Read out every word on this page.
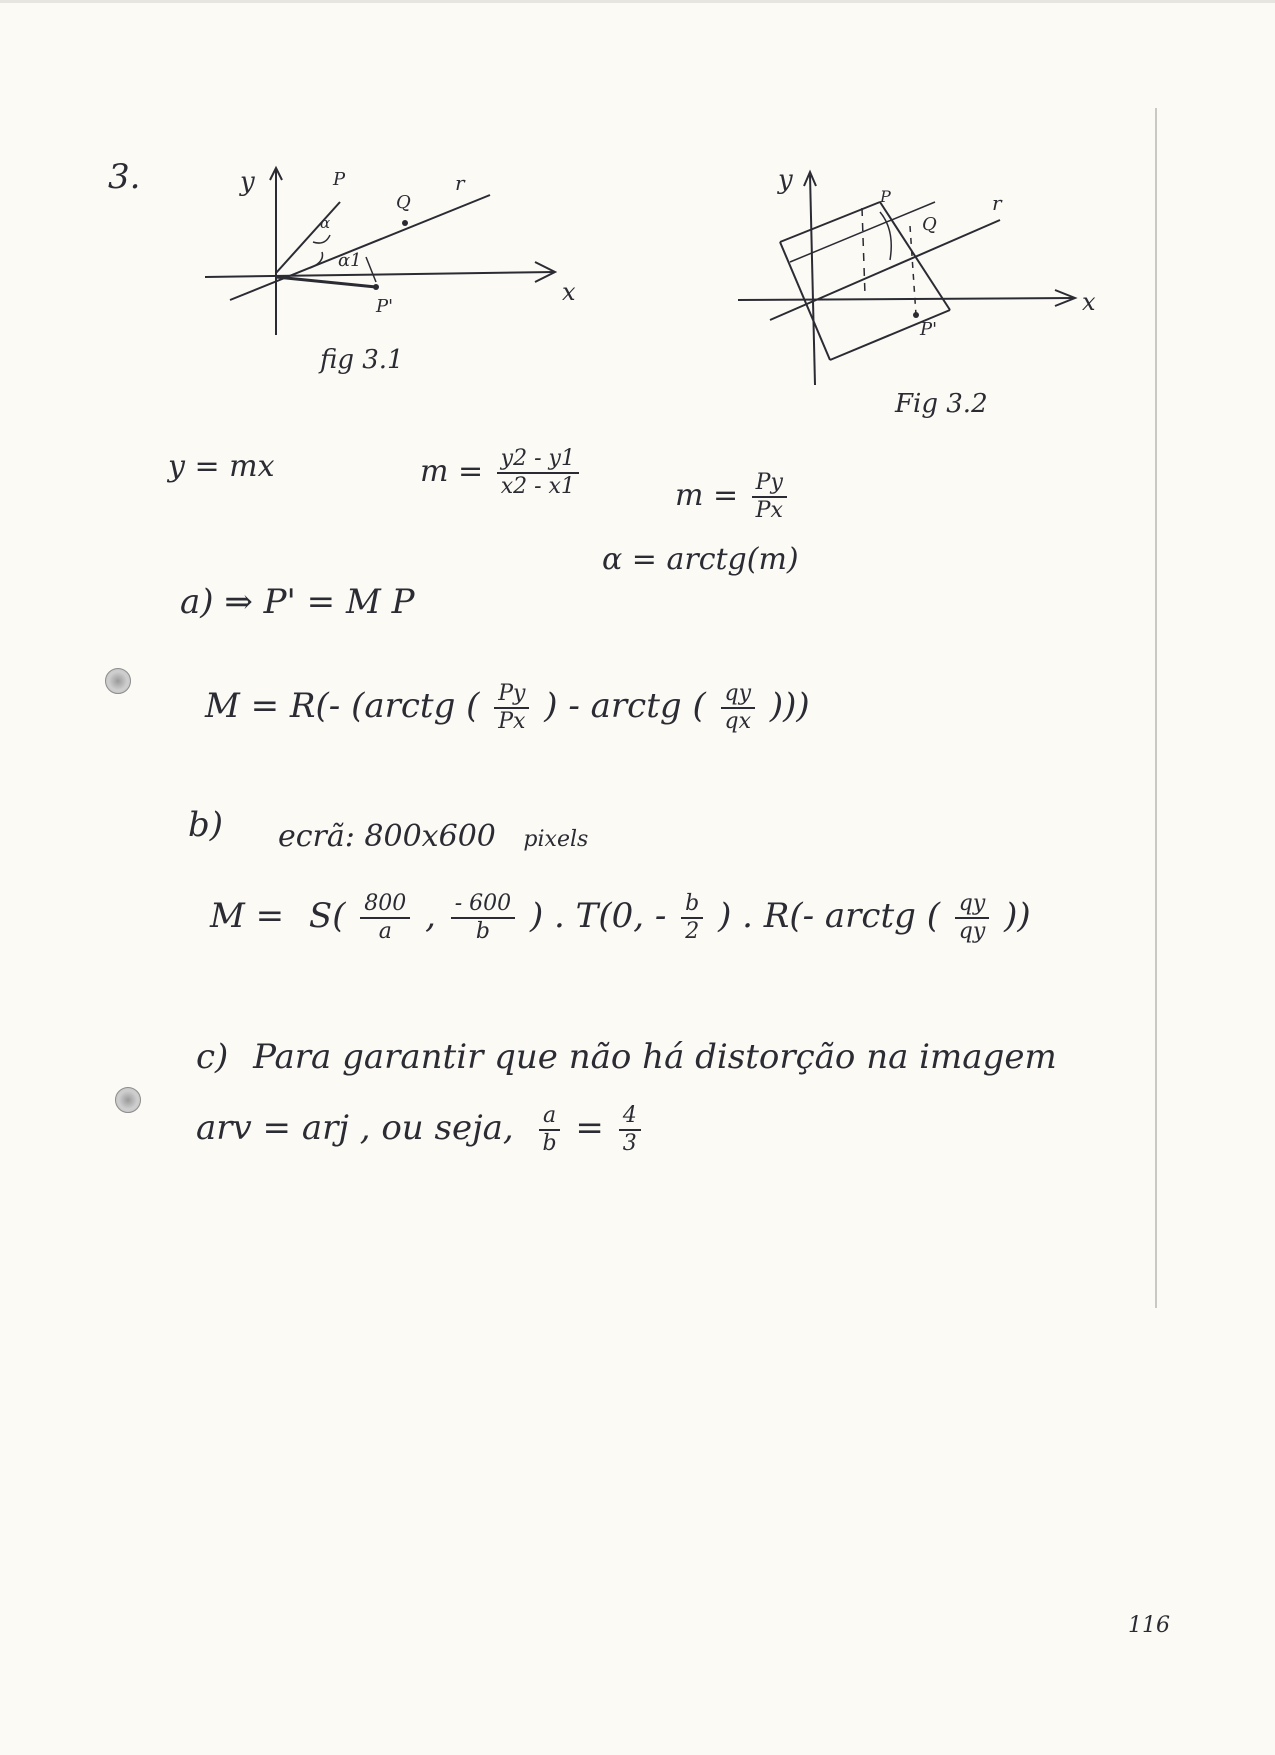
3.	y	P
Q
r
α
α1
P'
x
fig 3.1
y
P
Q
r
P'
x
Fig 3.2
y = mx	$m = \frac{y2 - y1}{x2 - x1}$	$m = \frac{Py}{Px}$
α = arctg(m)
a) ⇒ P' = M P
M = R(- (arctg ( $\frac{Py}{Px}$ ) - arctg ( $\frac{qy}{qx}$ )))
b) ecrã: 800x600 pixels
$M = S( \frac{800}{a}$ , $\frac{- 600}{b}$ ) . T(0, - $\frac{b}{2}$ ) . R(- arctg ( $\frac{qy}{qy}$ ))
c) Para garantir que não há distorção na imagem
arv = arj , ou seja, $\frac{a}{b} = \frac{4}{3}$
116
